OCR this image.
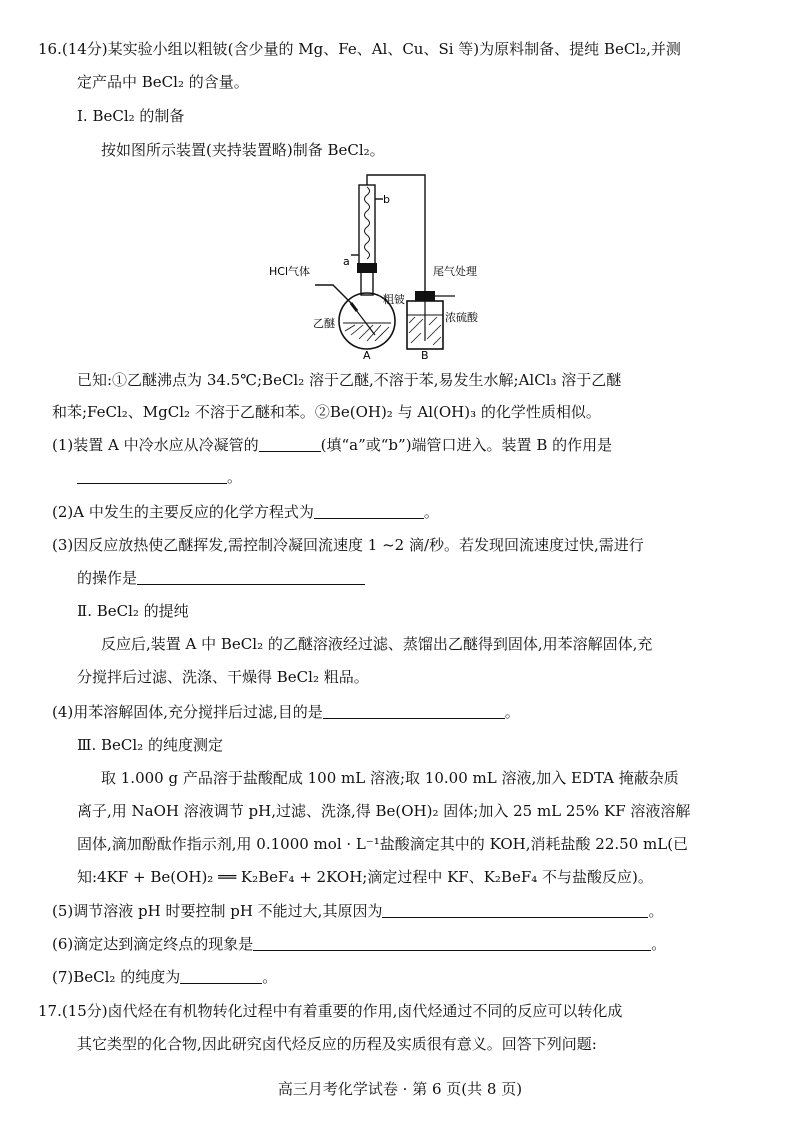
16.(14分)某实验小组以粗铍(含少量的 Mg、Fe、Al、Cu、Si 等)为原料制备、提纯 BeCl₂,并测
定产品中 BeCl₂ 的含量。
Ⅰ. BeCl₂ 的制备
按如图所示装置(夹持装置略)制备 BeCl₂。
HCl气体	尾气处理
乙醚
粗铍
浓硫酸
b
a
A	B
已知:①乙醚沸点为 34.5℃;BeCl₂ 溶于乙醚,不溶于苯,易发生水解;AlCl₃ 溶于乙醚
和苯;FeCl₂、MgCl₂ 不溶于乙醚和苯。②Be(OH)₂ 与 Al(OH)₃ 的化学性质相似。
(1)装置 A 中冷水应从冷凝管的	(填“a”或“b”)端管口进入。装置 B 的作用是
。
(2)A 中发生的主要反应的化学方程式为	。
(3)因反应放热使乙醚挥发,需控制冷凝回流速度 1 ~2 滴/秒。若发现回流速度过快,需进行
的操作是
Ⅱ. BeCl₂ 的提纯
反应后,装置 A 中 BeCl₂ 的乙醚溶液经过滤、蒸馏出乙醚得到固体,用苯溶解固体,充
分搅拌后过滤、洗涤、干燥得 BeCl₂ 粗品。
(4)用苯溶解固体,充分搅拌后过滤,目的是	。
Ⅲ. BeCl₂ 的纯度测定
取 1.000 g 产品溶于盐酸配成 100 mL 溶液;取 10.00 mL 溶液,加入 EDTA 掩蔽杂质
离子,用 NaOH 溶液调节 pH,过滤、洗涤,得 Be(OH)₂ 固体;加入 25 mL 25% KF 溶液溶解
固体,滴加酚酞作指示剂,用 0.1000 mol · L⁻¹盐酸滴定其中的 KOH,消耗盐酸 22.50 mL(已
知:4KF + Be(OH)₂ ══ K₂BeF₄ + 2KOH;滴定过程中 KF、K₂BeF₄ 不与盐酸反应)。
(5)调节溶液 pH 时要控制 pH 不能过大,其原因为	。
(6)滴定达到滴定终点的现象是	。
(7)BeCl₂ 的纯度为	。
17.(15分)卤代烃在有机物转化过程中有着重要的作用,卤代烃通过不同的反应可以转化成
其它类型的化合物,因此研究卤代烃反应的历程及实质很有意义。回答下列问题:
高三月考化学试卷 · 第 6 页(共 8 页)
